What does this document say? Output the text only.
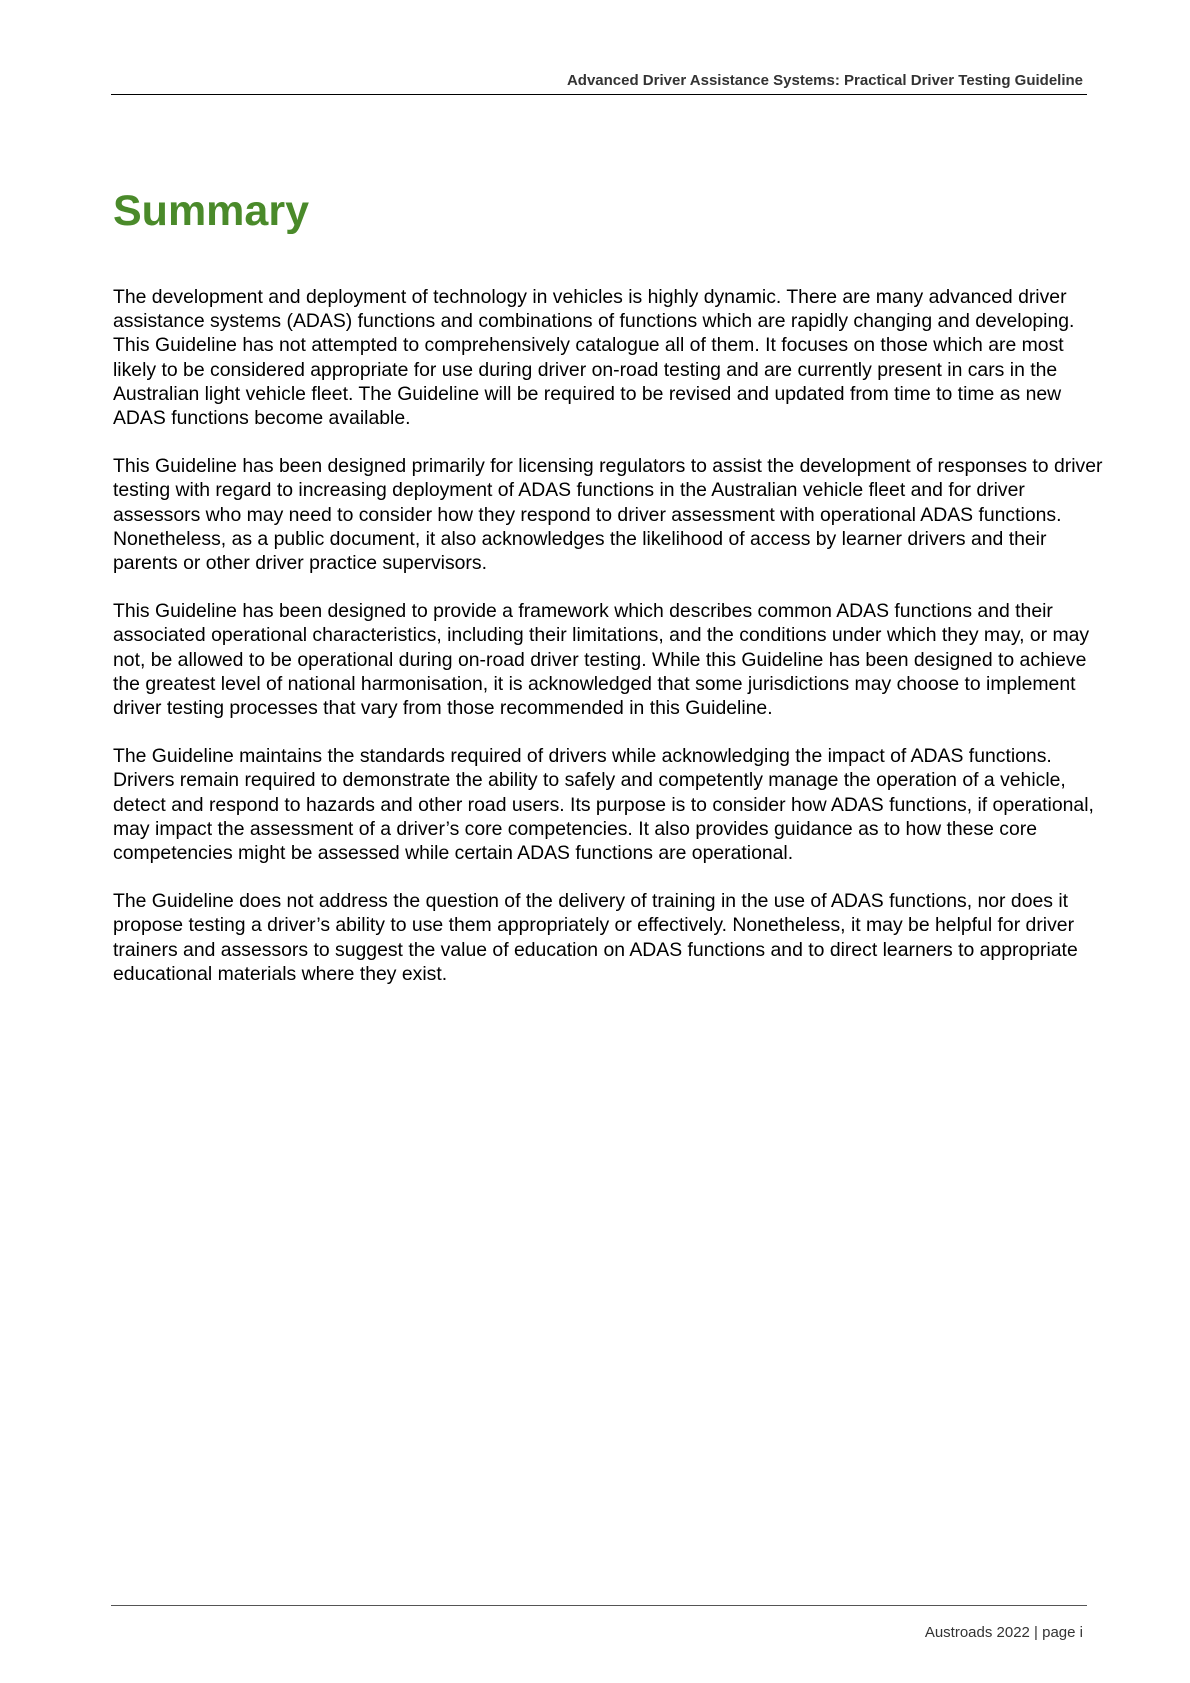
Advanced Driver Assistance Systems: Practical Driver Testing Guideline
Summary

The development and deployment of technology in vehicles is highly dynamic. There are many advanced driver assistance systems (ADAS) functions and combinations of functions which are rapidly changing and developing. This Guideline has not attempted to comprehensively catalogue all of them. It focuses on those which are most likely to be considered appropriate for use during driver on-road testing and are currently present in cars in the Australian light vehicle fleet. The Guideline will be required to be revised and updated from time to time as new ADAS functions become available.

This Guideline has been designed primarily for licensing regulators to assist the development of responses to driver testing with regard to increasing deployment of ADAS functions in the Australian vehicle fleet and for driver assessors who may need to consider how they respond to driver assessment with operational ADAS functions. Nonetheless, as a public document, it also acknowledges the likelihood of access by learner drivers and their parents or other driver practice supervisors.

This Guideline has been designed to provide a framework which describes common ADAS functions and their associated operational characteristics, including their limitations, and the conditions under which they may, or may not, be allowed to be operational during on-road driver testing. While this Guideline has been designed to achieve the greatest level of national harmonisation, it is acknowledged that some jurisdictions may choose to implement driver testing processes that vary from those recommended in this Guideline.

The Guideline maintains the standards required of drivers while acknowledging the impact of ADAS functions. Drivers remain required to demonstrate the ability to safely and competently manage the operation of a vehicle, detect and respond to hazards and other road users. Its purpose is to consider how ADAS functions, if operational, may impact the assessment of a driver’s core competencies. It also provides guidance as to how these core competencies might be assessed while certain ADAS functions are operational.

The Guideline does not address the question of the delivery of training in the use of ADAS functions, nor does it propose testing a driver’s ability to use them appropriately or effectively. Nonetheless, it may be helpful for driver trainers and assessors to suggest the value of education on ADAS functions and to direct learners to appropriate educational materials where they exist.

Austroads 2022 | page i
